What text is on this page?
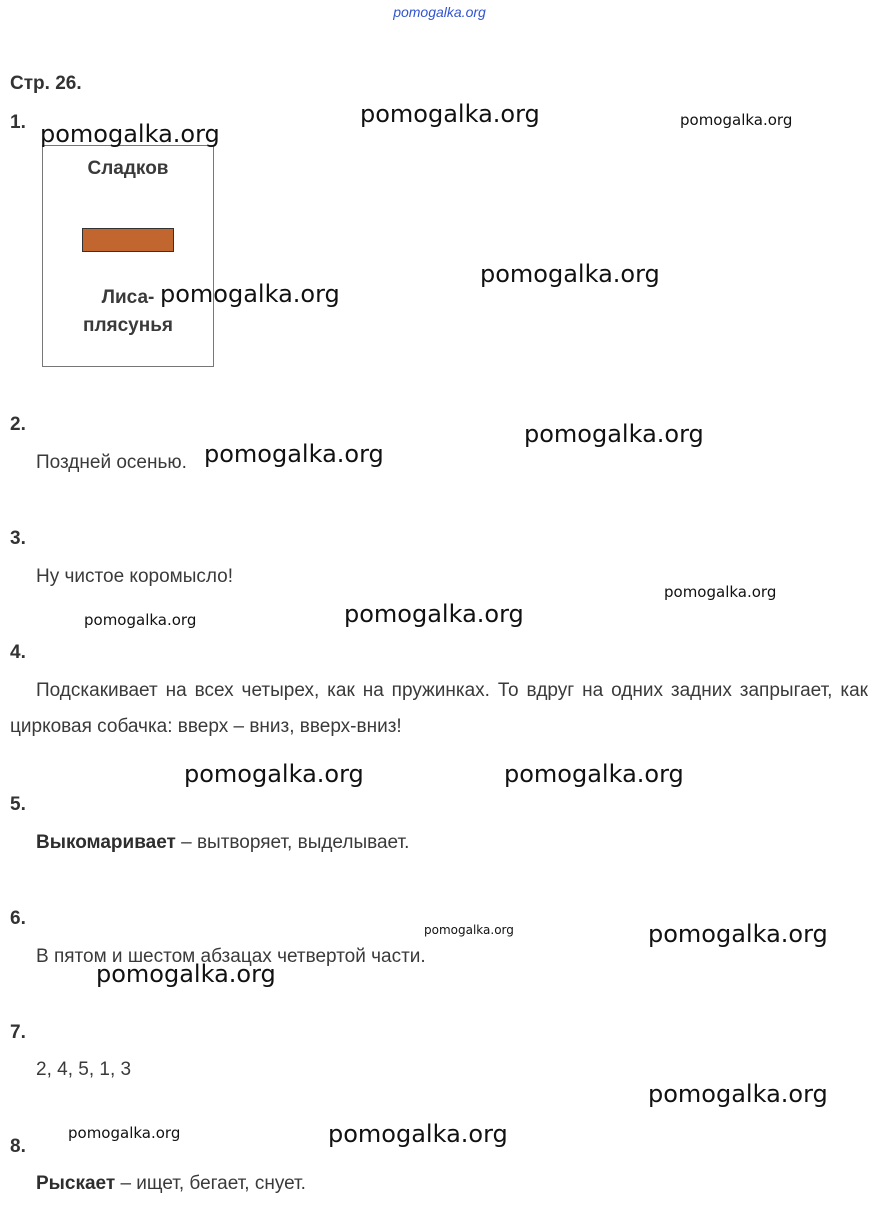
pomogalka.org
Стр. 26.
1.
Сладков
Лиса-
плясунья
2.
Поздней осенью.
3.
Ну чистое коромысло!
4.
Подскакивает на всех четырех, как на пружинках. То вдруг на одних задних запрыгает, как цирковая собачка: вверх – вниз, вверх-вниз!
5.
Выкомаривает – вытворяет, выделывает.
6.
В пятом и шестом абзацах четвертой части.
7.
2, 4, 5, 1, 3
8.
Рыскает – ищет, бегает, снует.
pomogalka.org
pomogalka.org	pomogalka.org
pomogalka.org
pomogalka.org
pomogalka.org
pomogalka.org
pomogalka.org
pomogalka.org	pomogalka.org
pomogalka.org	pomogalka.org
pomogalka.org	pomogalka.org
pomogalka.org
pomogalka.org
pomogalka.org	pomogalka.org
